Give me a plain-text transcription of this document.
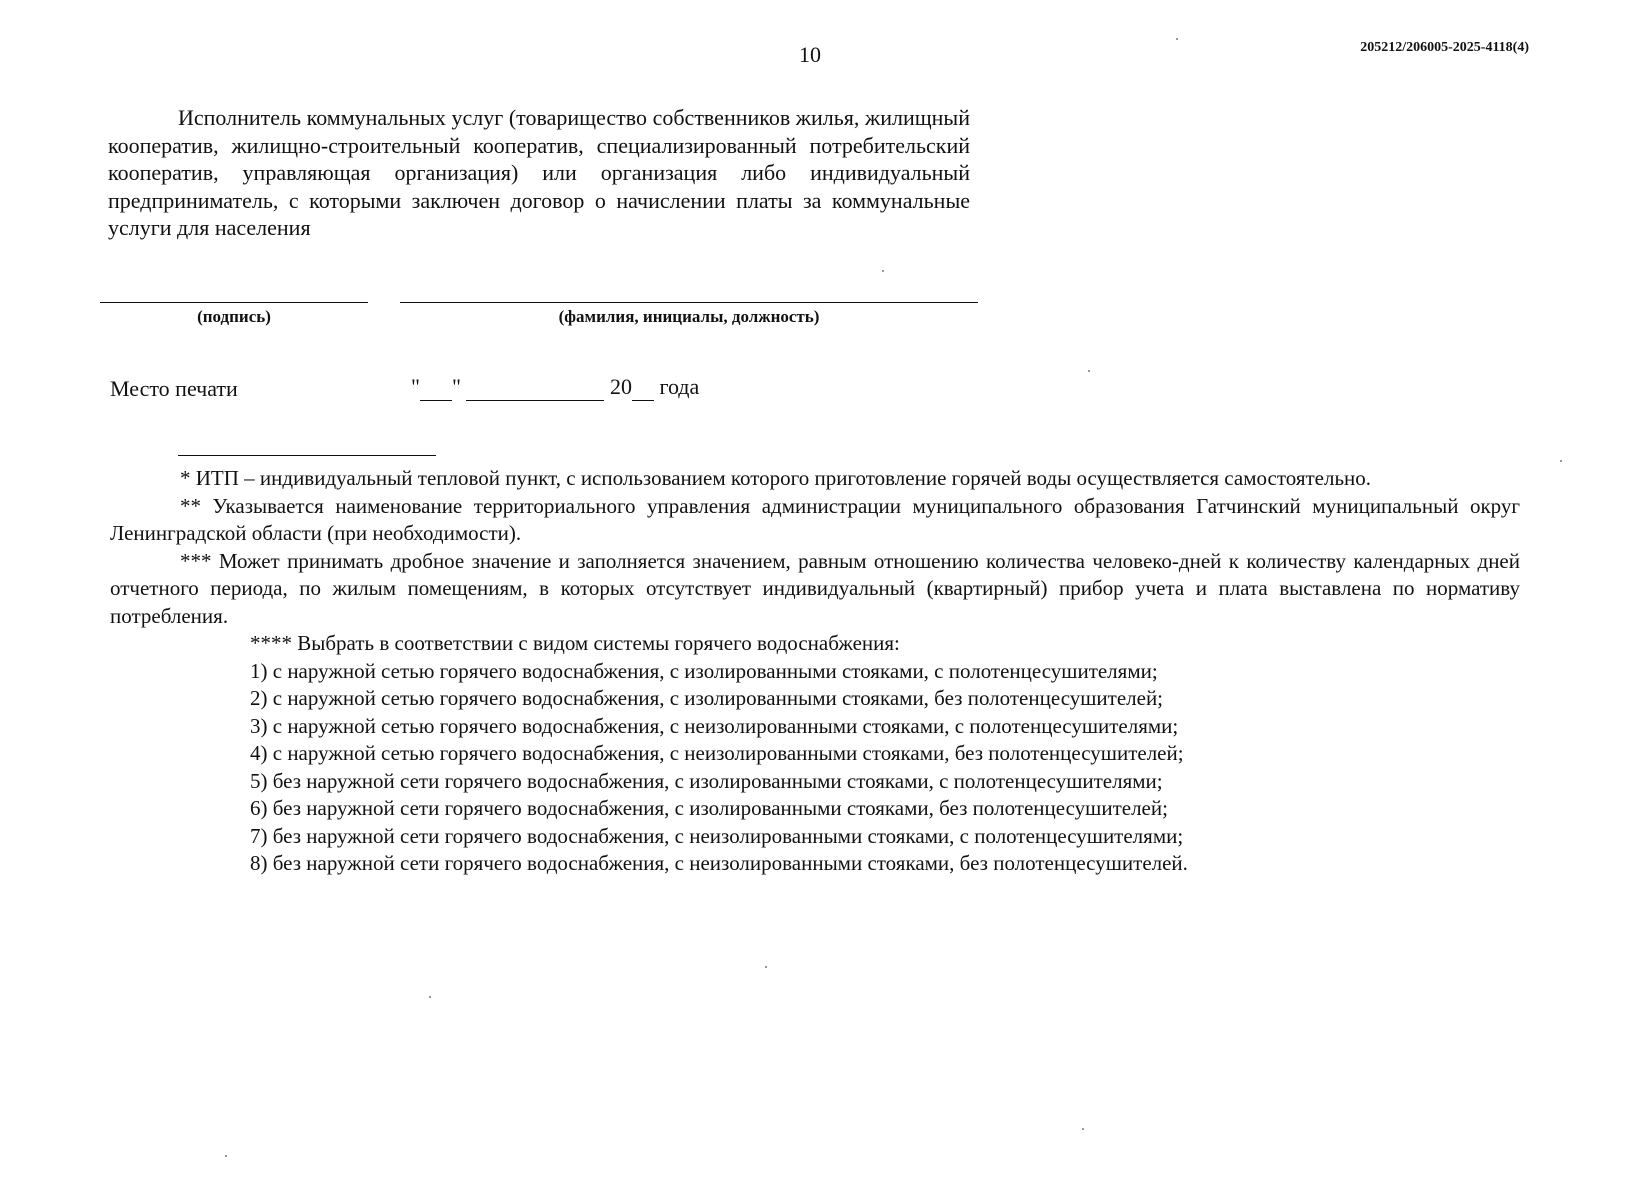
10	205212/206005-2025-4118(4)

Исполнитель коммунальных услуг (товарищество собственников жилья, жилищный кооператив, жилищно-строительный кооператив, специализированный потребительский кооператив, управляющая организация) или организация либо индивидуальный предприниматель, с которыми заключен договор о начислении платы за коммунальные услуги для населения

(подпись)	(фамилия, инициалы, должность)
Место печати	" "	20 года

* ИТП – индивидуальный тепловой пункт, с использованием которого приготовление горячей воды осуществляется самостоятельно.

** Указывается наименование территориального управления администрации муниципального образования Гатчинский муниципальный округ Ленинградской области (при необходимости).

*** Может принимать дробное значение и заполняется значением, равным отношению количества человеко-дней к количеству календарных дней отчетного периода, по жилым помещениям, в которых отсутствует индивидуальный (квартирный) прибор учета и плата выставлена по нормативу потребления.

**** Выбрать в соответствии с видом системы горячего водоснабжения:

1) с наружной сетью горячего водоснабжения, с изолированными стояками, с полотенцесушителями;

2) с наружной сетью горячего водоснабжения, с изолированными стояками, без полотенцесушителей;

3) с наружной сетью горячего водоснабжения, с неизолированными стояками, с полотенцесушителями;

4) с наружной сетью горячего водоснабжения, с неизолированными стояками, без полотенцесушителей;

5) без наружной сети горячего водоснабжения, с изолированными стояками, с полотенцесушителями;

6) без наружной сети горячего водоснабжения, с изолированными стояками, без полотенцесушителей;

7) без наружной сети горячего водоснабжения, с неизолированными стояками, с полотенцесушителями;

8) без наружной сети горячего водоснабжения, с неизолированными стояками, без полотенцесушителей.
